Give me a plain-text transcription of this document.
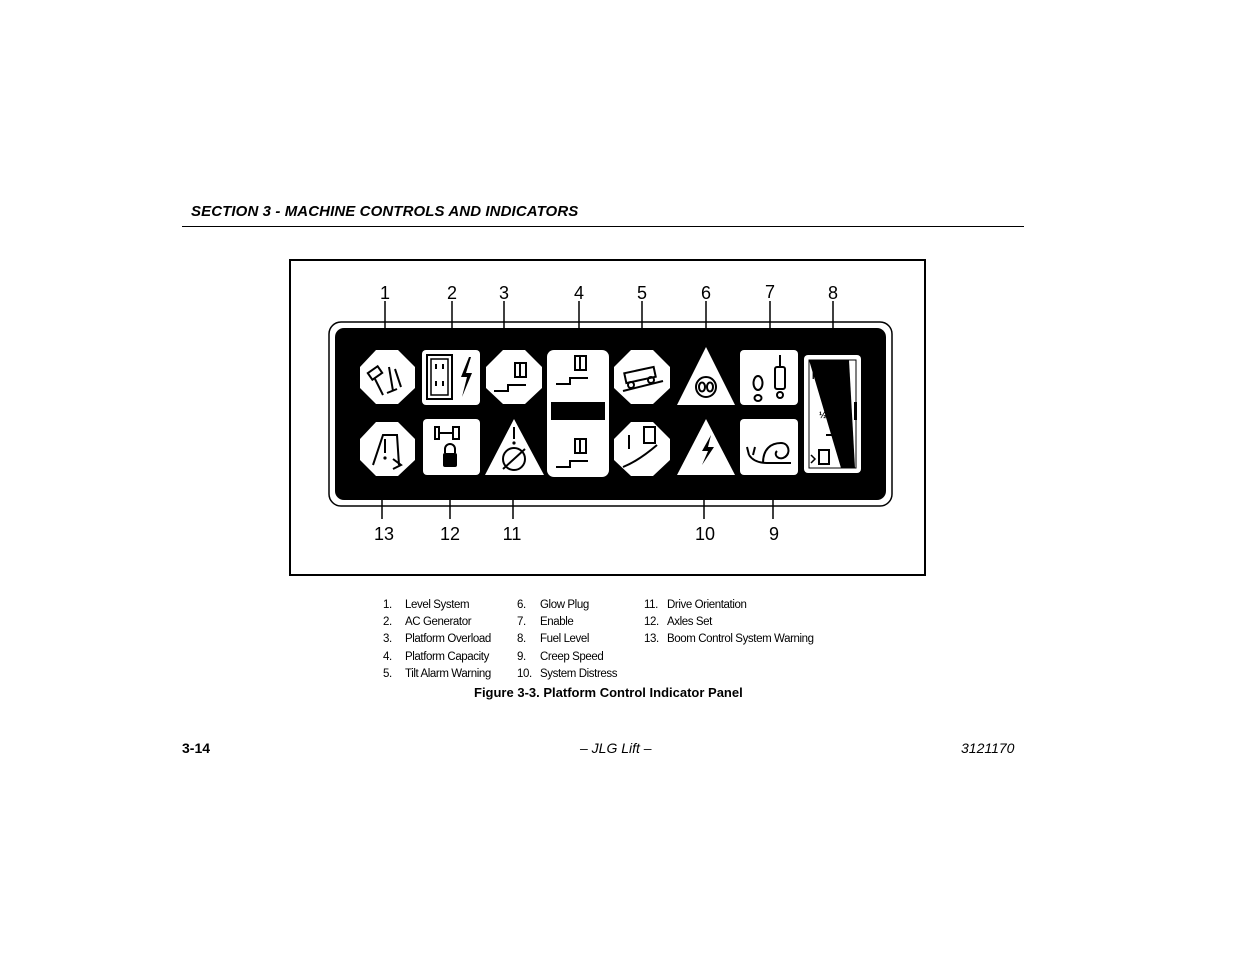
SECTION 3 - MACHINE CONTROLS AND INDICATORS
1	2 3	4	5	6	7	8
13	12 11	10	9
F
½
1. Level System
2. AC Generator
3. Platform Overload
4. Platform Capacity
5. Tilt Alarm Warning
6. Glow Plug
7. Enable
8. Fuel Level
9. Creep Speed
10. System Distress
11. Drive Orientation
12. Axles Set
13. Boom Control System Warning
Figure 3-3. Platform Control Indicator Panel
3-14	– JLG Lift –	3121170
